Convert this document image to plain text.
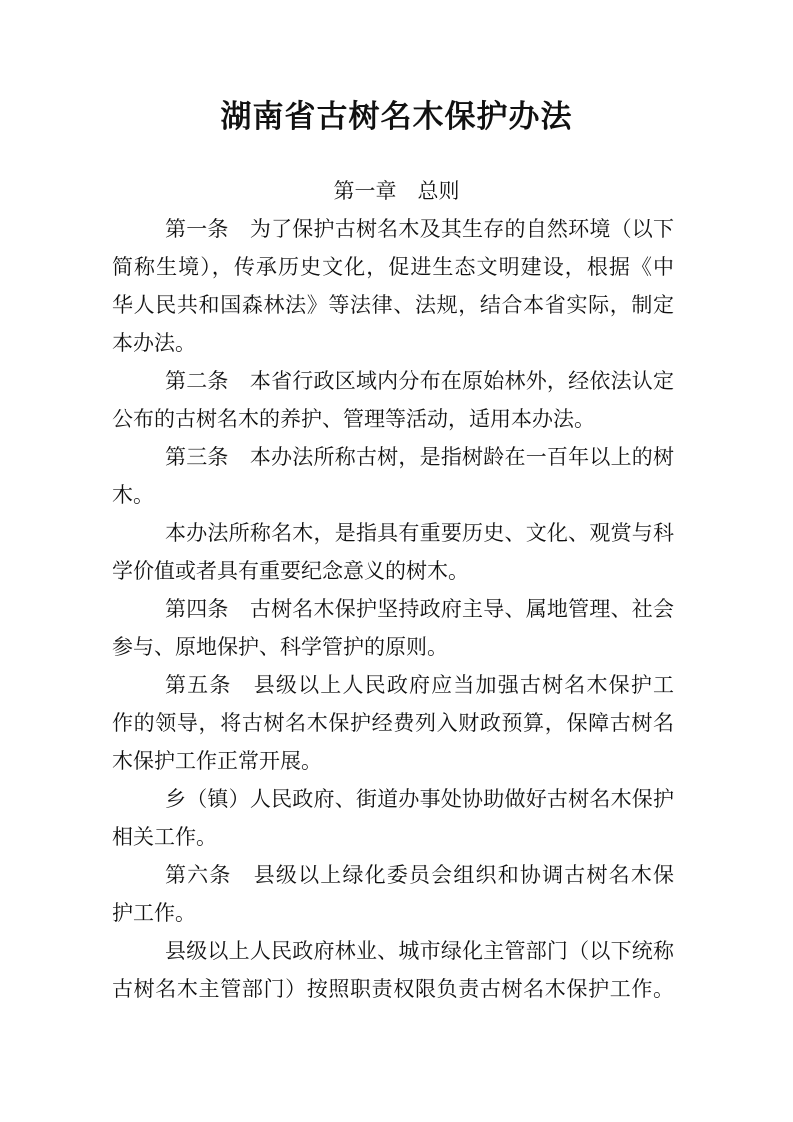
湖南省古树名木保护办法
第一章　总则
第一条　为了保护古树名木及其生存的自然环境（以下
简称生境），传承历史文化，促进生态文明建设，根据《中
华人民共和国森林法》等法律、法规，结合本省实际，制定
本办法。
第二条　本省行政区域内分布在原始林外，经依法认定
公布的古树名木的养护、管理等活动，适用本办法。
第三条　本办法所称古树，是指树龄在一百年以上的树
木。
本办法所称名木，是指具有重要历史、文化、观赏与科
学价值或者具有重要纪念意义的树木。
第四条　古树名木保护坚持政府主导、属地管理、社会
参与、原地保护、科学管护的原则。
第五条　县级以上人民政府应当加强古树名木保护工
作的领导，将古树名木保护经费列入财政预算，保障古树名
木保护工作正常开展。
乡（镇）人民政府、街道办事处协助做好古树名木保护
相关工作。
第六条　县级以上绿化委员会组织和协调古树名木保
护工作。
县级以上人民政府林业、城市绿化主管部门（以下统称
古树名木主管部门）按照职责权限负责古树名木保护工作。
